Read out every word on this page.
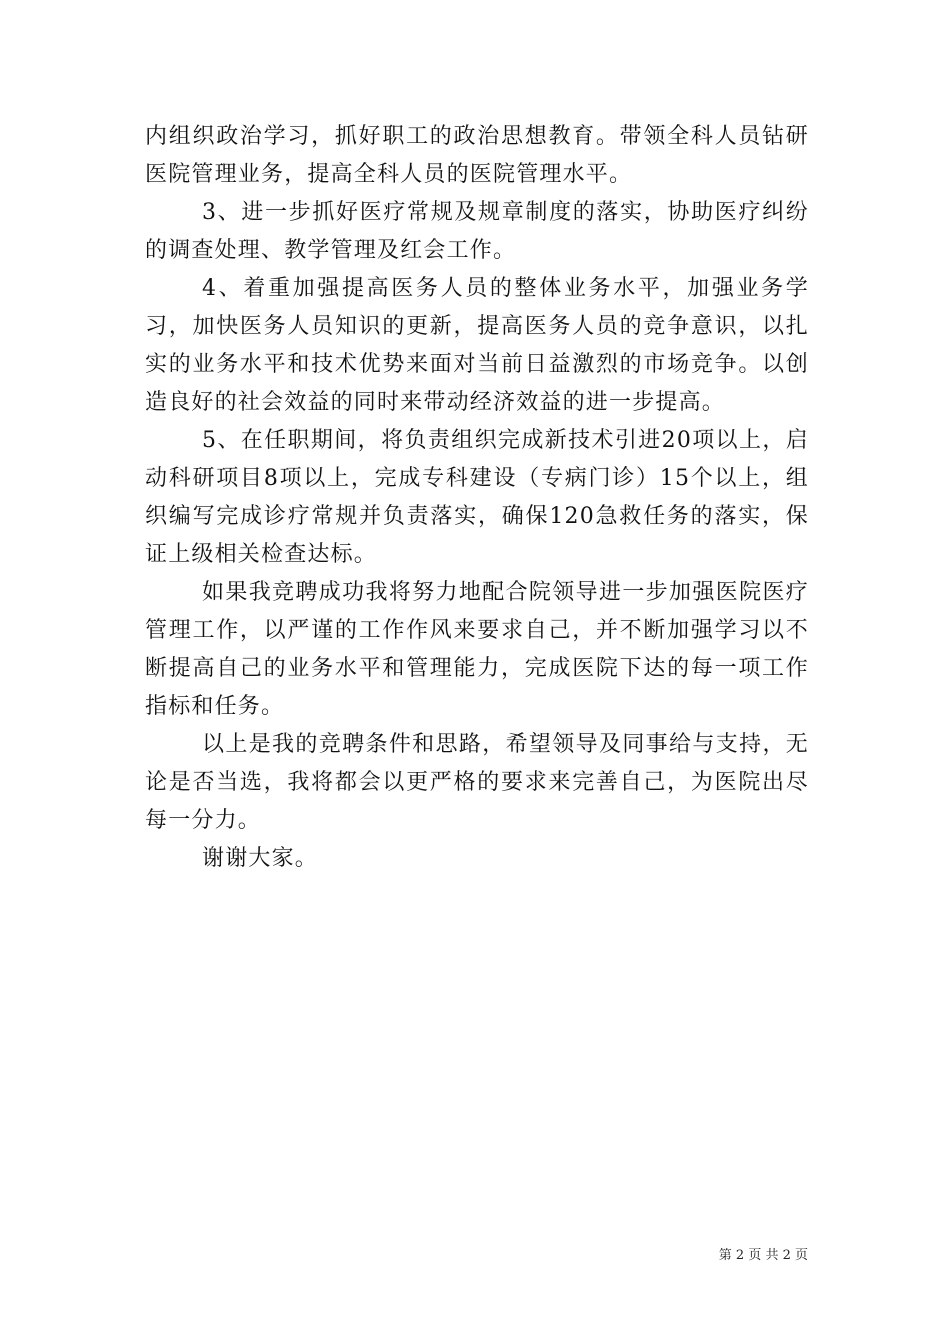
内组织政治学习，抓好职工的政治思想教育。带领全科人员钻研医院管理业务，提高全科人员的医院管理水平。

3、进一步抓好医疗常规及规章制度的落实，协助医疗纠纷的调查处理、教学管理及红会工作。

4、着重加强提高医务人员的整体业务水平，加强业务学习，加快医务人员知识的更新，提高医务人员的竞争意识，以扎实的业务水平和技术优势来面对当前日益激烈的市场竞争。以创造良好的社会效益的同时来带动经济效益的进一步提高。

5、在任职期间，将负责组织完成新技术引进20项以上，启动科研项目8项以上，完成专科建设（专病门诊）15个以上，组织编写完成诊疗常规并负责落实，确保120急救任务的落实，保证上级相关检查达标。

如果我竞聘成功我将努力地配合院领导进一步加强医院医疗管理工作，以严谨的工作作风来要求自己，并不断加强学习以不断提高自己的业务水平和管理能力，完成医院下达的每一项工作指标和任务。

以上是我的竞聘条件和思路，希望领导及同事给与支持，无论是否当选，我将都会以更严格的要求来完善自己，为医院出尽每一分力。

谢谢大家。

第 2 页 共 2 页
